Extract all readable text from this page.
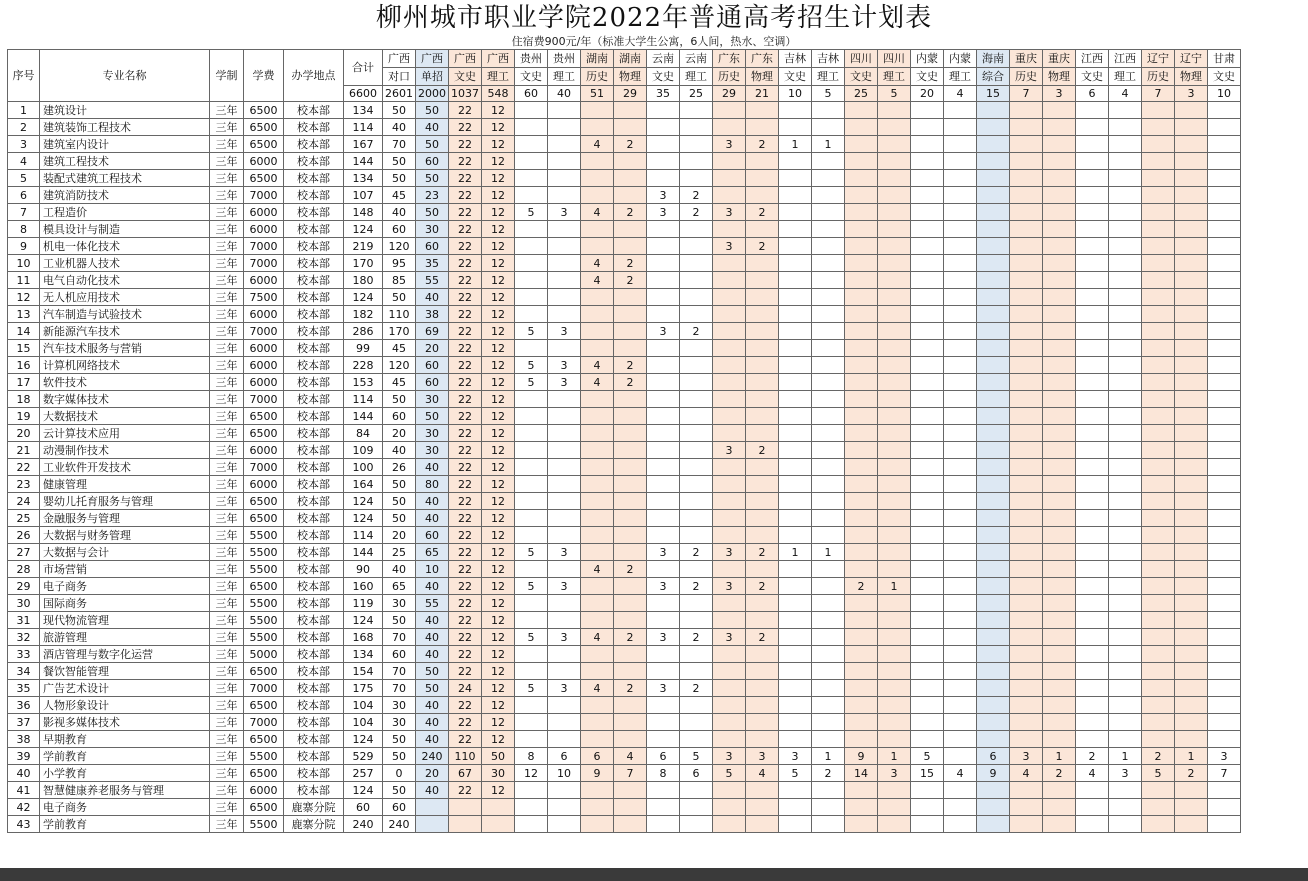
柳州城市职业学院2022年普通高考招生计划表
住宿费900元/年（标准大学生公寓，6人间，热水、空调）
序号	专业名称	学制	学费	办学地点	合计	广西	广西	广西	广西	贵州	贵州	湖南	湖南	云南	云南	广东	广东	吉林	吉林	四川	四川	内蒙	内蒙	海南	重庆	重庆	江西	江西	辽宁	辽宁	甘肃
						对口	单招	文史	理工	文史	理工	历史	物理	文史	理工	历史	物理	文史	理工	文史	理工	文史	理工	综合	历史	物理	文史	理工	历史	物理	文史
					6600	2601	2000	1037	548	60	40	51	29	35	25	29	21	10	5	25	5	20	4	15	7	3	6	4	7	3	10
1	建筑设计	三年	6500	校本部	134	50	50	22	12																						
2	建筑装饰工程技术	三年	6500	校本部	114	40	40	22	12																						
3	建筑室内设计	三年	6500	校本部	167	70	50	22	12			4	2			3	2	1	1												
4	建筑工程技术	三年	6000	校本部	144	50	60	22	12																						
5	装配式建筑工程技术	三年	6500	校本部	134	50	50	22	12																						
6	建筑消防技术	三年	7000	校本部	107	45	23	22	12					3	2																
7	工程造价	三年	6000	校本部	148	40	50	22	12	5	3	4	2	3	2	3	2														
8	模具设计与制造	三年	6000	校本部	124	60	30	22	12																						
9	机电一体化技术	三年	7000	校本部	219	120	60	22	12							3	2														
10	工业机器人技术	三年	7000	校本部	170	95	35	22	12			4	2																		
11	电气自动化技术	三年	6000	校本部	180	85	55	22	12			4	2																		
12	无人机应用技术	三年	7500	校本部	124	50	40	22	12																						
13	汽车制造与试验技术	三年	6000	校本部	182	110	38	22	12																						
14	新能源汽车技术	三年	7000	校本部	286	170	69	22	12	5	3			3	2																
15	汽车技术服务与营销	三年	6000	校本部	99	45	20	22	12																						
16	计算机网络技术	三年	6000	校本部	228	120	60	22	12	5	3	4	2																		
17	软件技术	三年	6000	校本部	153	45	60	22	12	5	3	4	2																		
18	数字媒体技术	三年	7000	校本部	114	50	30	22	12																						
19	大数据技术	三年	6500	校本部	144	60	50	22	12																						
20	云计算技术应用	三年	6500	校本部	84	20	30	22	12																						
21	动漫制作技术	三年	6000	校本部	109	40	30	22	12							3	2														
22	工业软件开发技术	三年	7000	校本部	100	26	40	22	12																						
23	健康管理	三年	6000	校本部	164	50	80	22	12																						
24	婴幼儿托育服务与管理	三年	6500	校本部	124	50	40	22	12																						
25	金融服务与管理	三年	6500	校本部	124	50	40	22	12																						
26	大数据与财务管理	三年	5500	校本部	114	20	60	22	12																						
27	大数据与会计	三年	5500	校本部	144	25	65	22	12	5	3			3	2	3	2	1	1												
28	市场营销	三年	5500	校本部	90	40	10	22	12			4	2																		
29	电子商务	三年	6500	校本部	160	65	40	22	12	5	3			3	2	3	2			2	1										
30	国际商务	三年	5500	校本部	119	30	55	22	12																						
31	现代物流管理	三年	5500	校本部	124	50	40	22	12																						
32	旅游管理	三年	5500	校本部	168	70	40	22	12	5	3	4	2	3	2	3	2														
33	酒店管理与数字化运营	三年	5000	校本部	134	60	40	22	12																						
34	餐饮智能管理	三年	6500	校本部	154	70	50	22	12																						
35	广告艺术设计	三年	7000	校本部	175	70	50	24	12	5	3	4	2	3	2																
36	人物形象设计	三年	6500	校本部	104	30	40	22	12																						
37	影视多媒体技术	三年	7000	校本部	104	30	40	22	12																						
38	早期教育	三年	6500	校本部	124	50	40	22	12																						
39	学前教育	三年	5500	校本部	529	50	240	110	50	8	6	6	4	6	5	3	3	3	1	9	1	5		6	3	1	2	1	2	1	3
40	小学教育	三年	6500	校本部	257	0	20	67	30	12	10	9	7	8	6	5	4	5	2	14	3	15	4	9	4	2	4	3	5	2	7
41	智慧健康养老服务与管理	三年	6000	校本部	124	50	40	22	12																						
42	电子商务	三年	6500	鹿寨分院	60	60																									
43	学前教育	三年	5500	鹿寨分院	240	240																									
